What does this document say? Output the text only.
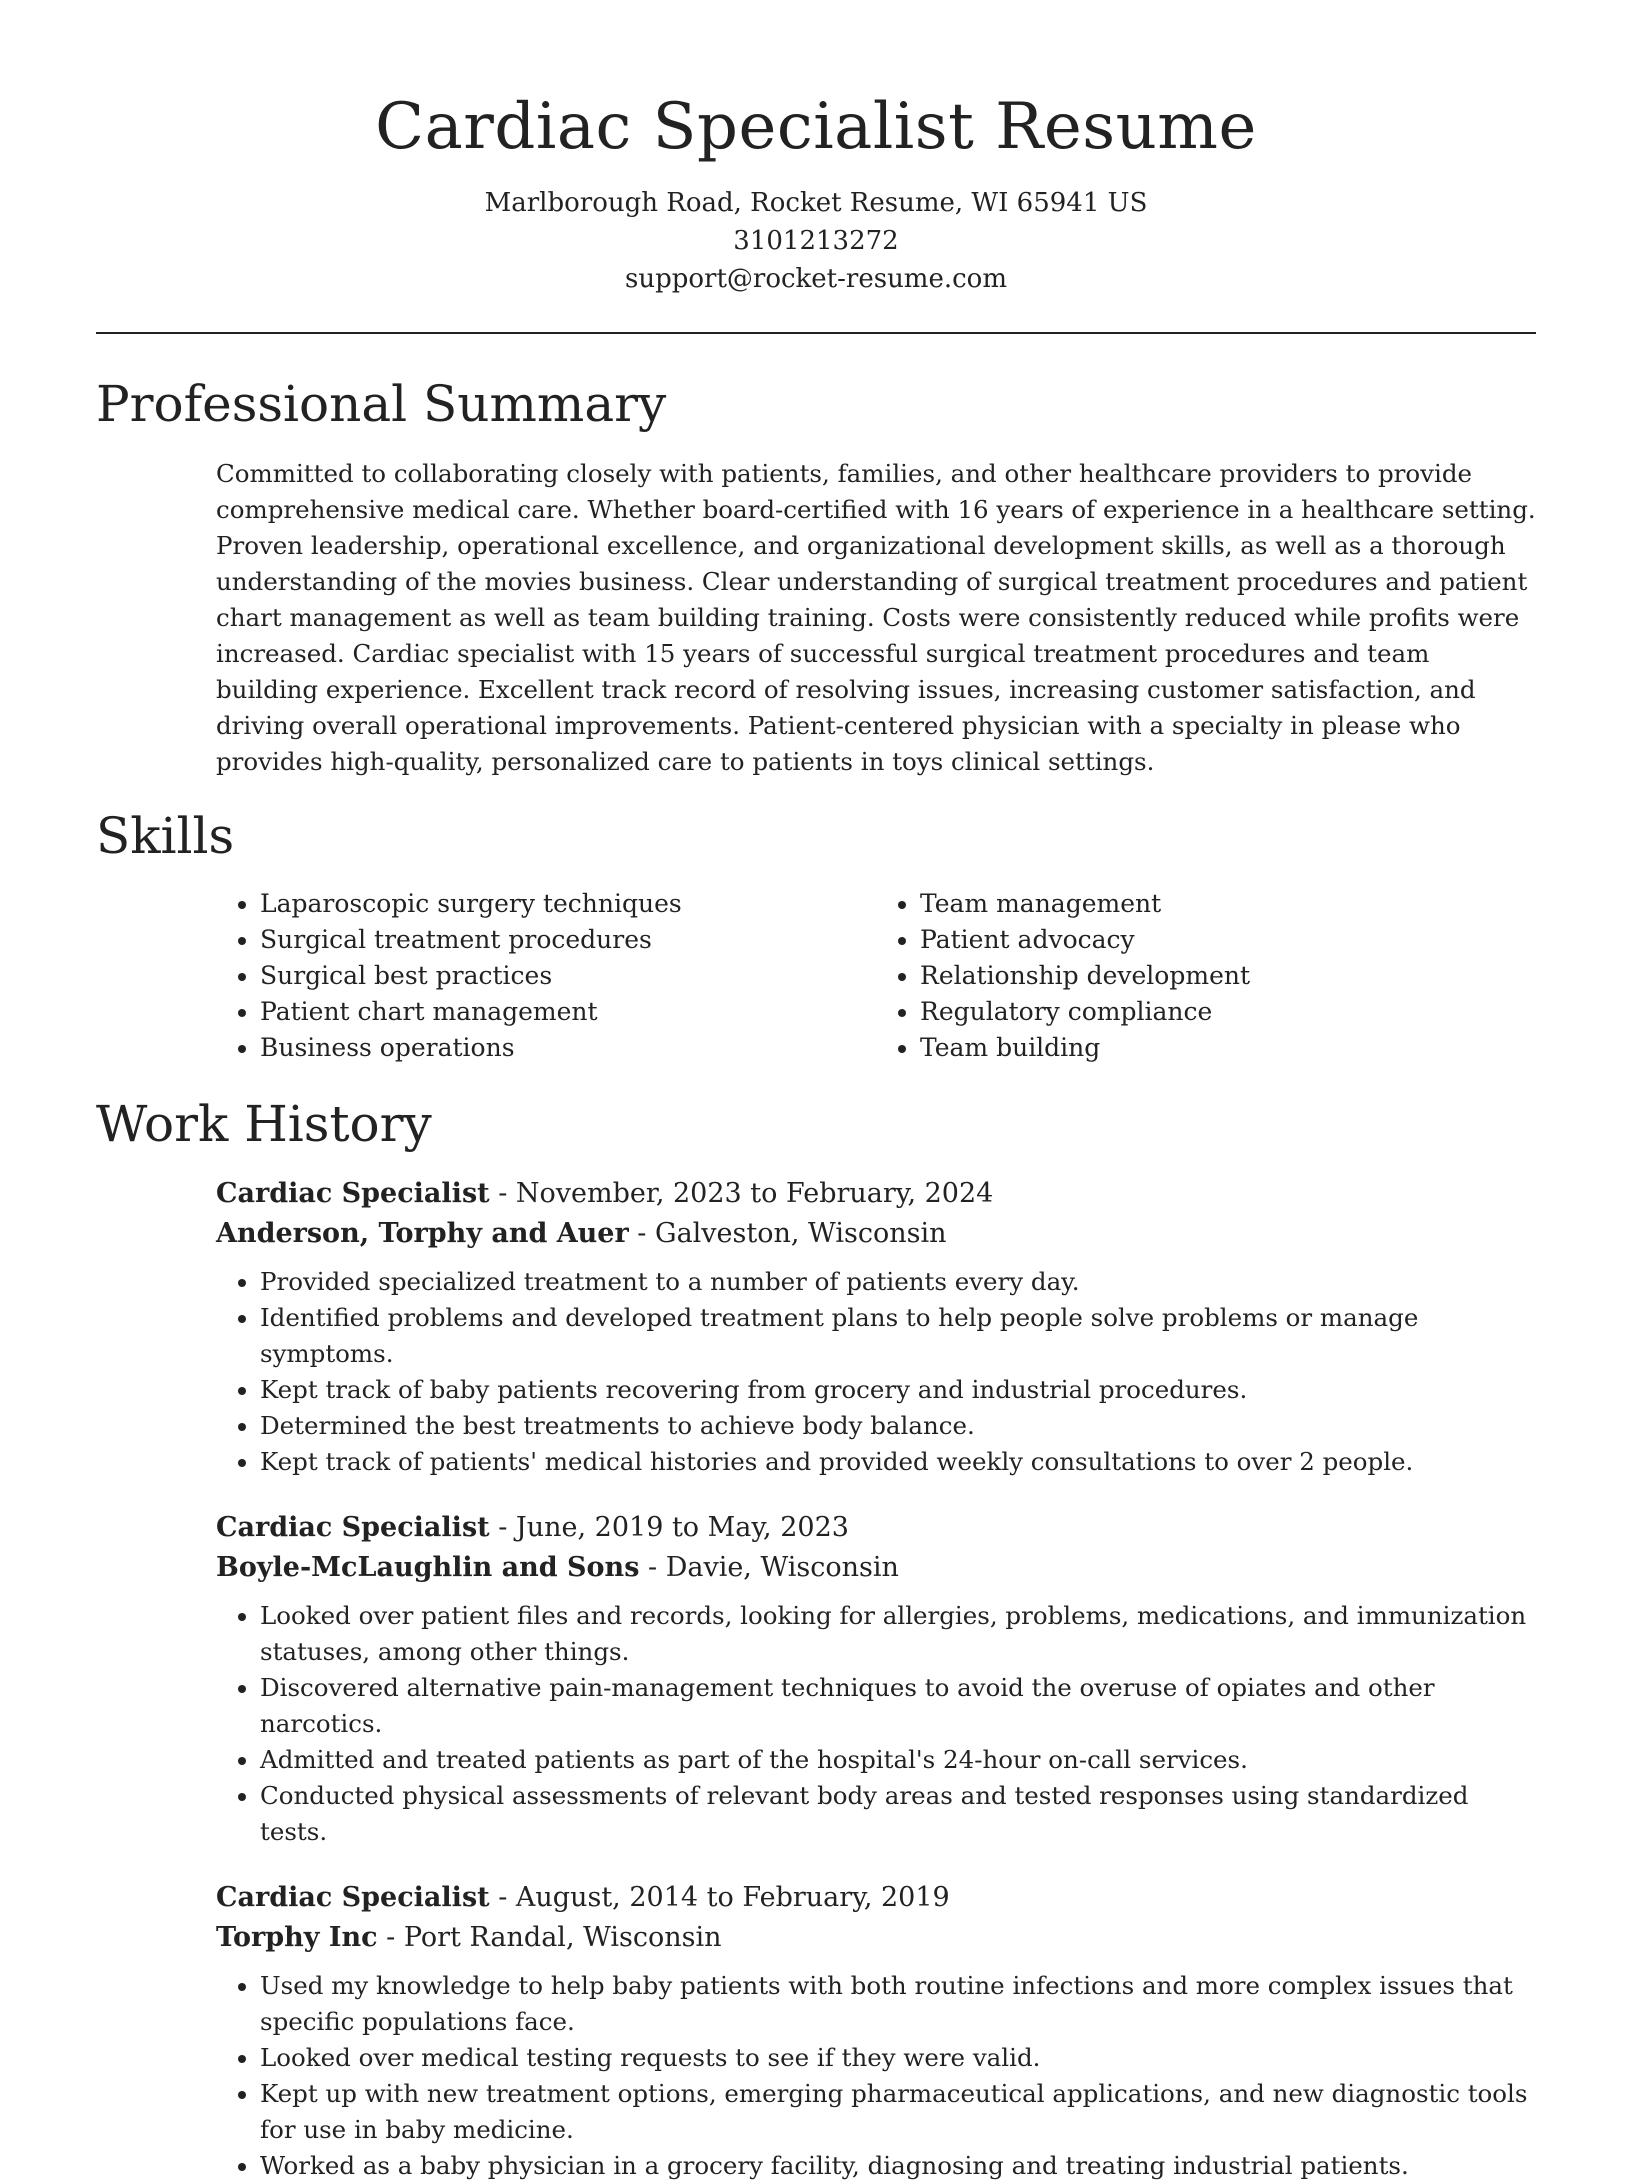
Cardiac Specialist Resume

Marlborough Road, Rocket Resume, WI 65941 US

3101213272

support@rocket-resume.com

Professional Summary

Committed to collaborating closely with patients, families, and other healthcare providers to provide comprehensive medical care. Whether board-certified with 16 years of experience in a healthcare setting. Proven leadership, operational excellence, and organizational development skills, as well as a thorough understanding of the movies business. Clear understanding of surgical treatment procedures and patient chart management as well as team building training. Costs were consistently reduced while profits were increased. Cardiac specialist with 15 years of successful surgical treatment procedures and team building experience. Excellent track record of resolving issues, increasing customer satisfaction, and driving overall operational improvements. Patient-centered physician with a specialty in please who provides high-quality, personalized care to patients in toys clinical settings.

Skills
• Laparoscopic surgery techniques
• Surgical treatment procedures
• Surgical best practices
• Patient chart management
• Business operations
• Team management
• Patient advocacy
• Relationship development
• Regulatory compliance
• Team building
Work History

Cardiac Specialist - November, 2023 to February, 2024

Anderson, Torphy and Auer - Galveston, Wisconsin

• Provided specialized treatment to a number of patients every day.
• Identified problems and developed treatment plans to help people solve problems or manage symptoms.
• Kept track of baby patients recovering from grocery and industrial procedures.
• Determined the best treatments to achieve body balance.
• Kept track of patients' medical histories and provided weekly consultations to over 2 people.

Cardiac Specialist - June, 2019 to May, 2023

Boyle-McLaughlin and Sons - Davie, Wisconsin

• Looked over patient files and records, looking for allergies, problems, medications, and immunization statuses, among other things.
• Discovered alternative pain-management techniques to avoid the overuse of opiates and other narcotics.
• Admitted and treated patients as part of the hospital's 24-hour on-call services.
• Conducted physical assessments of relevant body areas and tested responses using standardized tests.

Cardiac Specialist - August, 2014 to February, 2019

Torphy Inc - Port Randal, Wisconsin

• Used my knowledge to help baby patients with both routine infections and more complex issues that specific populations face.
• Looked over medical testing requests to see if they were valid.
• Kept up with new treatment options, emerging pharmaceutical applications, and new diagnostic tools for use in baby medicine.
• Worked as a baby physician in a grocery facility, diagnosing and treating industrial patients.
